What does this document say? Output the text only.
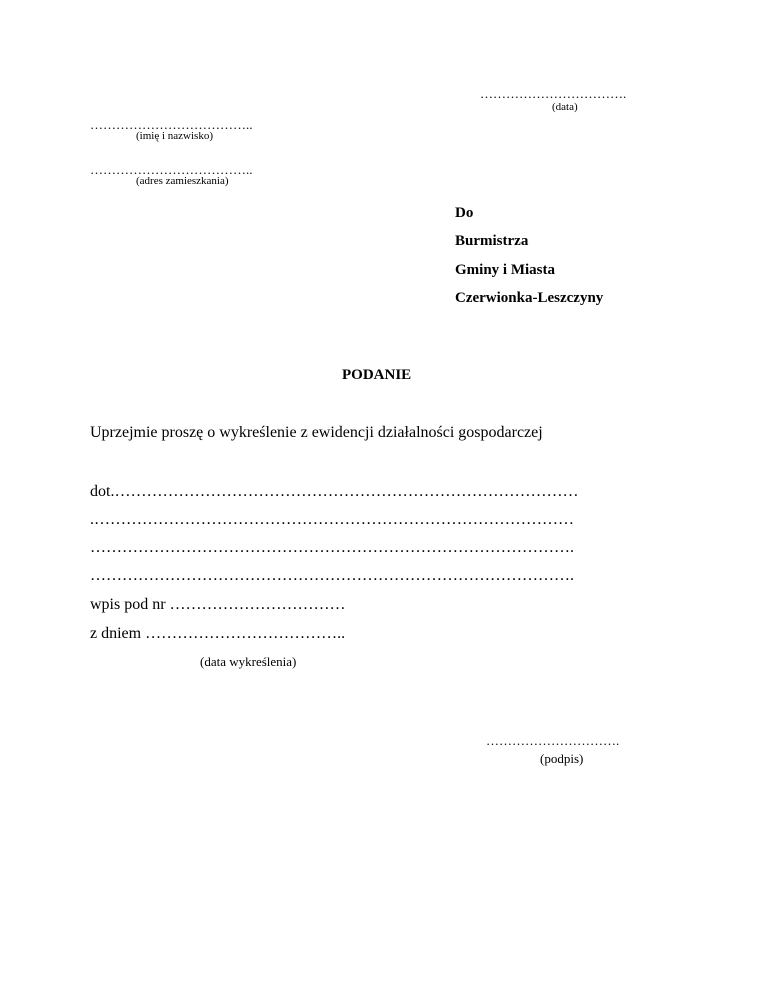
…………………………….
(data)
………………………………..
(imię i nazwisko)
………………………………..
(adres zamieszkania)
Do
Burmistrza
Gminy i Miasta
Czerwionka-Leszczyny
PODANIE
Uprzejmie proszę o wykreślenie z ewidencji działalności gospodarczej
dot.……………………………………………………………………………
.………………………………………………………………………………
……………………………………………………………………………….
……………………………………………………………………………….
wpis pod nr ……………………………
z dniem ………………………………..
(data wykreślenia)
………………………….
(podpis)
